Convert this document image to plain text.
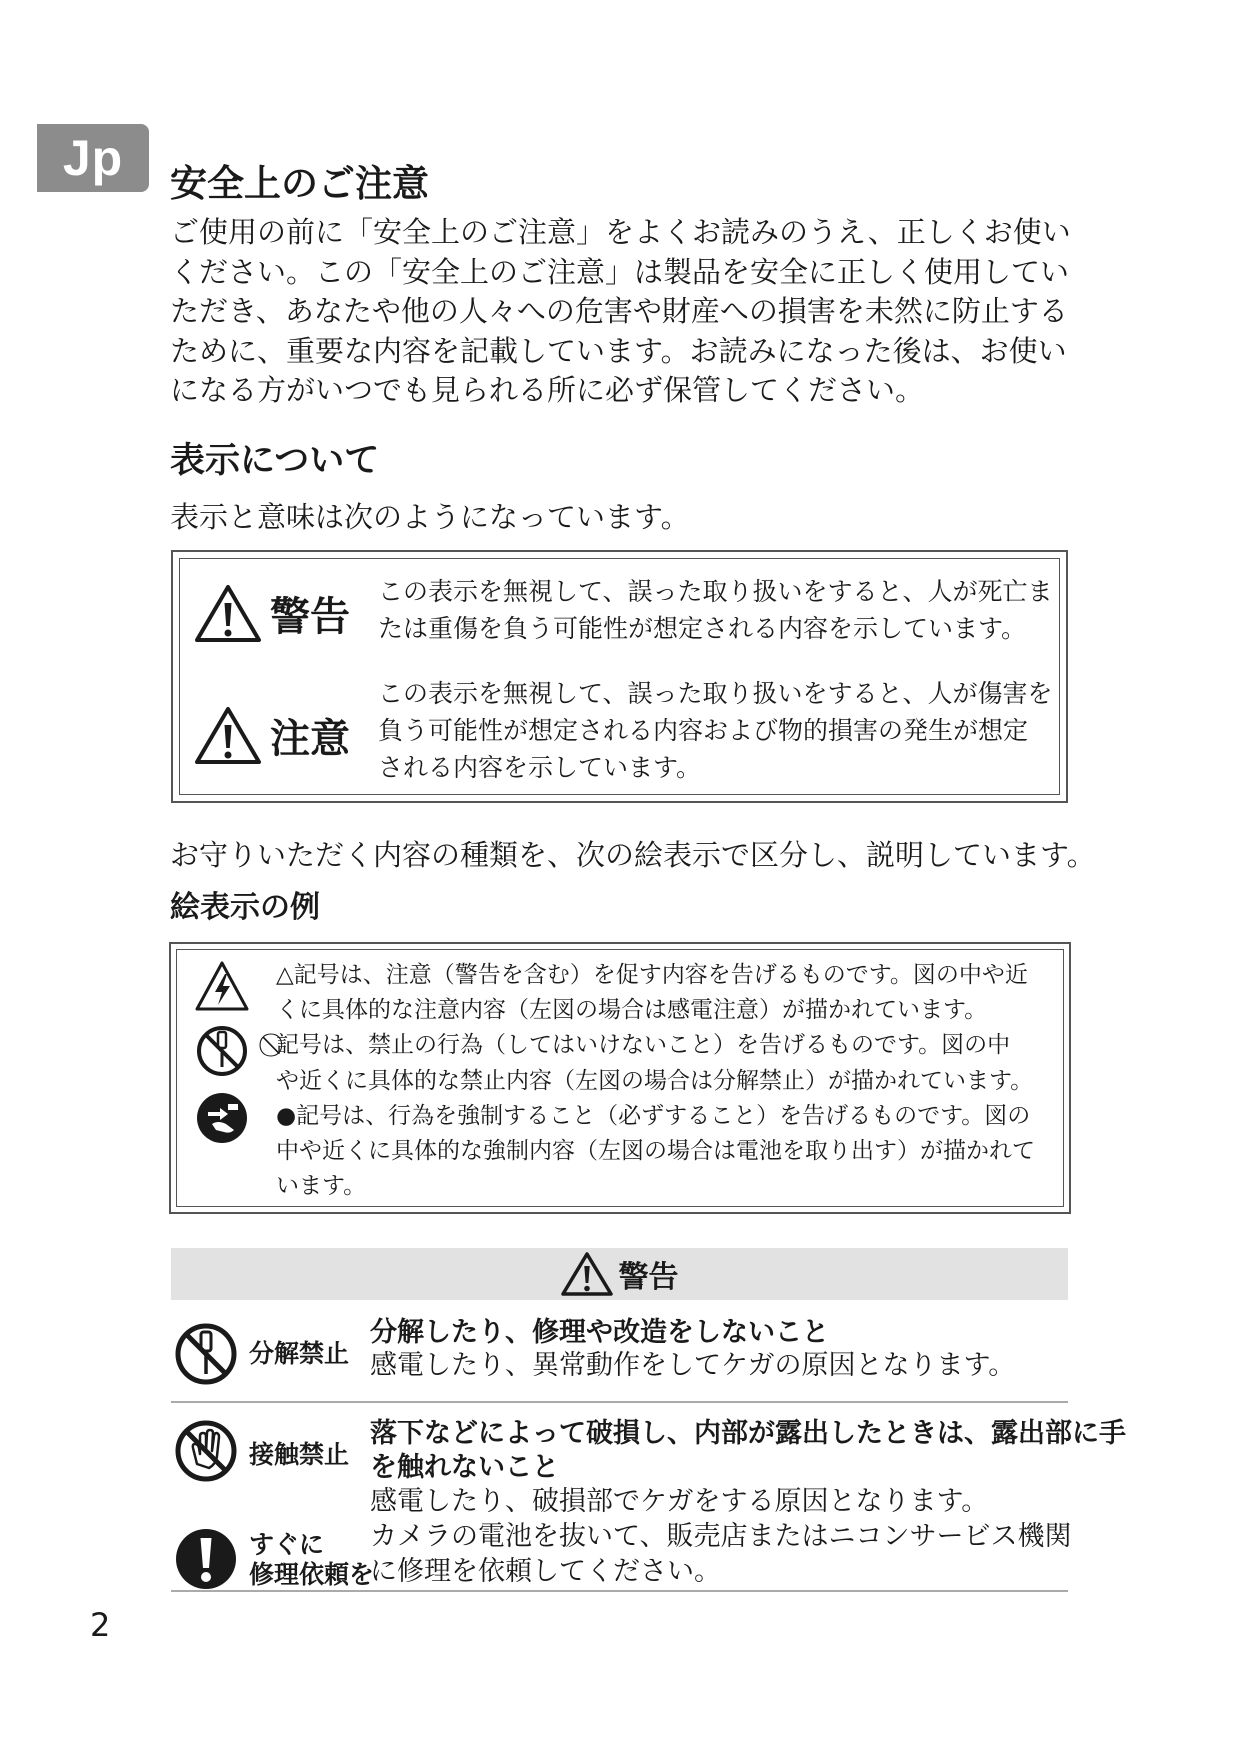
Jp	安全上のご注意
ご使用の前に「安全上のご注意」をよくお読みのうえ、正しくお使い
ください。この「安全上のご注意」は製品を安全に正しく使用してい
ただき、あなたや他の人々への危害や財産への損害を未然に防止する
ために、重要な内容を記載しています。お読みになった後は、お使い
になる方がいつでも見られる所に必ず保管してください。
表示について
表示と意味は次のようになっています。
警告
この表示を無視して、誤った取り扱いをすると、人が死亡ま
たは重傷を負う可能性が想定される内容を示しています。
注意
この表示を無視して、誤った取り扱いをすると、人が傷害を
負う可能性が想定される内容および物的損害の発生が想定
される内容を示しています。
お守りいただく内容の種類を、次の絵表示で区分し、説明しています。
絵表示の例
△記号は、注意（警告を含む）を促す内容を告げるものです。図の中や近
くに具体的な注意内容（左図の場合は感電注意）が描かれています。
⃠記号は、禁止の行為（してはいけないこと）を告げるものです。図の中
や近くに具体的な禁止内容（左図の場合は分解禁止）が描かれています。
●記号は、行為を強制すること（必ずすること）を告げるものです。図の
中や近くに具体的な強制内容（左図の場合は電池を取り出す）が描かれて
います。
警告
分解禁止
分解したり、修理や改造をしないこと
感電したり、異常動作をしてケガの原因となります。
接触禁止
落下などによって破損し、内部が露出したときは、露出部に手
を触れないこと
感電したり、破損部でケガをする原因となります。
すぐに
修理依頼を
カメラの電池を抜いて、販売店またはニコンサービス機関
に修理を依頼してください。
2
